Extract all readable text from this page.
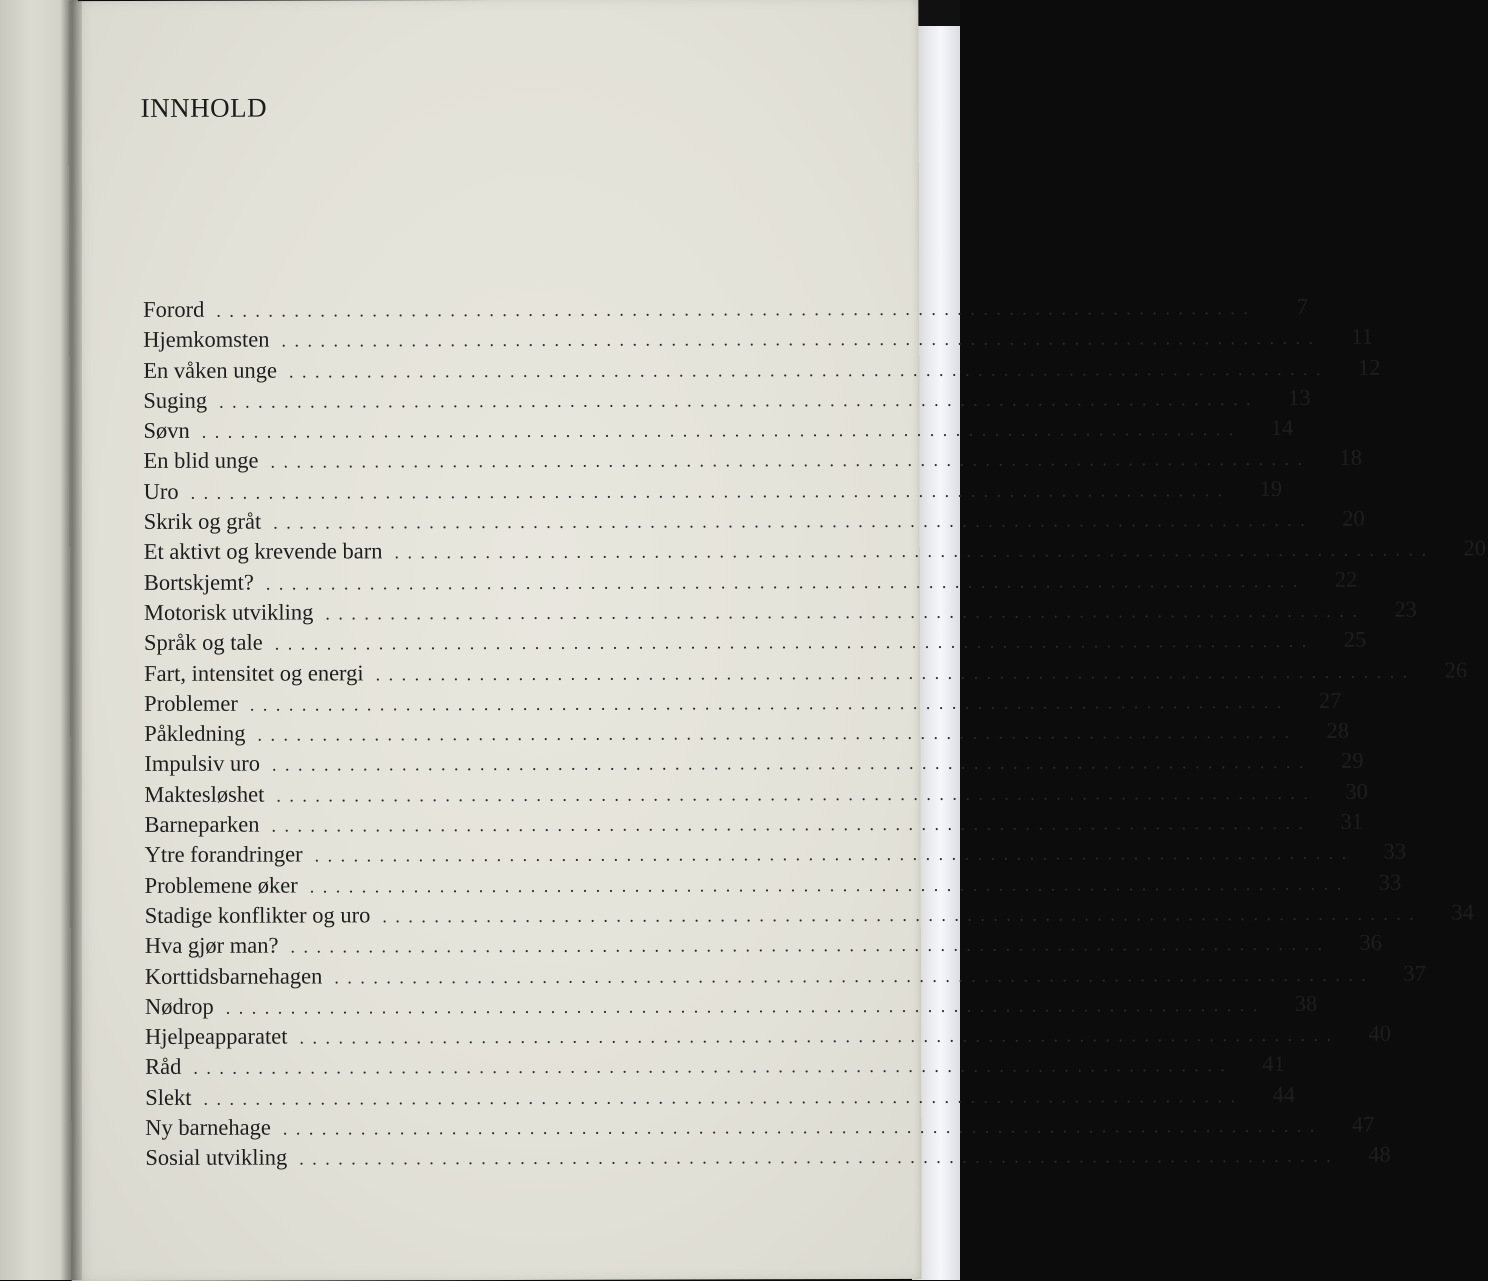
INNHOLD
Forord . . . . . . . . . . . . . . . . . . . . . . . . . . . . . . . . . . . . . . . . . . . . . . . . . . . . . . . . . . . . . . . . . . . . . . . . . . . . . . . .	7
Hjemkomsten . . . . . . . . . . . . . . . . . . . . . . . . . . . . . . . . . . . . . . . . . . . . . . . . . . . . . . . . . . . . . . . . . . . . . . . . . . . . . . . .	11
En våken unge . . . . . . . . . . . . . . . . . . . . . . . . . . . . . . . . . . . . . . . . . . . . . . . . . . . . . . . . . . . . . . . . . . . . . . . . . . . . . . . .	12
Suging . . . . . . . . . . . . . . . . . . . . . . . . . . . . . . . . . . . . . . . . . . . . . . . . . . . . . . . . . . . . . . . . . . . . . . . . . . . . . . . .	13
Søvn . . . . . . . . . . . . . . . . . . . . . . . . . . . . . . . . . . . . . . . . . . . . . . . . . . . . . . . . . . . . . . . . . . . . . . . . . . . . . . . .	14
En blid unge . . . . . . . . . . . . . . . . . . . . . . . . . . . . . . . . . . . . . . . . . . . . . . . . . . . . . . . . . . . . . . . . . . . . . . . . . . . . . . . .	18
Uro . . . . . . . . . . . . . . . . . . . . . . . . . . . . . . . . . . . . . . . . . . . . . . . . . . . . . . . . . . . . . . . . . . . . . . . . . . . . . . . .	19
Skrik og gråt . . . . . . . . . . . . . . . . . . . . . . . . . . . . . . . . . . . . . . . . . . . . . . . . . . . . . . . . . . . . . . . . . . . . . . . . . . . . . . . .	20
Et aktivt og krevende barn . . . . . . . . . . . . . . . . . . . . . . . . . . . . . . . . . . . . . . . . . . . . . . . . . . . . . . . . . . . . . . . . . . . . . . . . . . . . . . . .	20
Bortskjemt? . . . . . . . . . . . . . . . . . . . . . . . . . . . . . . . . . . . . . . . . . . . . . . . . . . . . . . . . . . . . . . . . . . . . . . . . . . . . . . . .	22
Motorisk utvikling . . . . . . . . . . . . . . . . . . . . . . . . . . . . . . . . . . . . . . . . . . . . . . . . . . . . . . . . . . . . . . . . . . . . . . . . . . . . . . . .	23
Språk og tale . . . . . . . . . . . . . . . . . . . . . . . . . . . . . . . . . . . . . . . . . . . . . . . . . . . . . . . . . . . . . . . . . . . . . . . . . . . . . . . .	25
Fart, intensitet og energi . . . . . . . . . . . . . . . . . . . . . . . . . . . . . . . . . . . . . . . . . . . . . . . . . . . . . . . . . . . . . . . . . . . . . . . . . . . . . . . .	26
Problemer . . . . . . . . . . . . . . . . . . . . . . . . . . . . . . . . . . . . . . . . . . . . . . . . . . . . . . . . . . . . . . . . . . . . . . . . . . . . . . . .	27
Påkledning . . . . . . . . . . . . . . . . . . . . . . . . . . . . . . . . . . . . . . . . . . . . . . . . . . . . . . . . . . . . . . . . . . . . . . . . . . . . . . . .	28
Impulsiv uro . . . . . . . . . . . . . . . . . . . . . . . . . . . . . . . . . . . . . . . . . . . . . . . . . . . . . . . . . . . . . . . . . . . . . . . . . . . . . . . .	29
Maktesløshet . . . . . . . . . . . . . . . . . . . . . . . . . . . . . . . . . . . . . . . . . . . . . . . . . . . . . . . . . . . . . . . . . . . . . . . . . . . . . . . .	30
Barneparken . . . . . . . . . . . . . . . . . . . . . . . . . . . . . . . . . . . . . . . . . . . . . . . . . . . . . . . . . . . . . . . . . . . . . . . . . . . . . . . .	31
Ytre forandringer . . . . . . . . . . . . . . . . . . . . . . . . . . . . . . . . . . . . . . . . . . . . . . . . . . . . . . . . . . . . . . . . . . . . . . . . . . . . . . . .	33
Problemene øker . . . . . . . . . . . . . . . . . . . . . . . . . . . . . . . . . . . . . . . . . . . . . . . . . . . . . . . . . . . . . . . . . . . . . . . . . . . . . . . .	33
Stadige konflikter og uro . . . . . . . . . . . . . . . . . . . . . . . . . . . . . . . . . . . . . . . . . . . . . . . . . . . . . . . . . . . . . . . . . . . . . . . . . . . . . . . .	34
Hva gjør man? . . . . . . . . . . . . . . . . . . . . . . . . . . . . . . . . . . . . . . . . . . . . . . . . . . . . . . . . . . . . . . . . . . . . . . . . . . . . . . . .	36
Korttidsbarnehagen . . . . . . . . . . . . . . . . . . . . . . . . . . . . . . . . . . . . . . . . . . . . . . . . . . . . . . . . . . . . . . . . . . . . . . . . . . . . . . . .	37
Nødrop . . . . . . . . . . . . . . . . . . . . . . . . . . . . . . . . . . . . . . . . . . . . . . . . . . . . . . . . . . . . . . . . . . . . . . . . . . . . . . . .	38
Hjelpeapparatet . . . . . . . . . . . . . . . . . . . . . . . . . . . . . . . . . . . . . . . . . . . . . . . . . . . . . . . . . . . . . . . . . . . . . . . . . . . . . . . .	40
Råd . . . . . . . . . . . . . . . . . . . . . . . . . . . . . . . . . . . . . . . . . . . . . . . . . . . . . . . . . . . . . . . . . . . . . . . . . . . . . . . .	41
Slekt . . . . . . . . . . . . . . . . . . . . . . . . . . . . . . . . . . . . . . . . . . . . . . . . . . . . . . . . . . . . . . . . . . . . . . . . . . . . . . . .	44
Ny barnehage . . . . . . . . . . . . . . . . . . . . . . . . . . . . . . . . . . . . . . . . . . . . . . . . . . . . . . . . . . . . . . . . . . . . . . . . . . . . . . . .	47
Sosial utvikling . . . . . . . . . . . . . . . . . . . . . . . . . . . . . . . . . . . . . . . . . . . . . . . . . . . . . . . . . . . . . . . . . . . . . . . . . . . . . . . .	48
